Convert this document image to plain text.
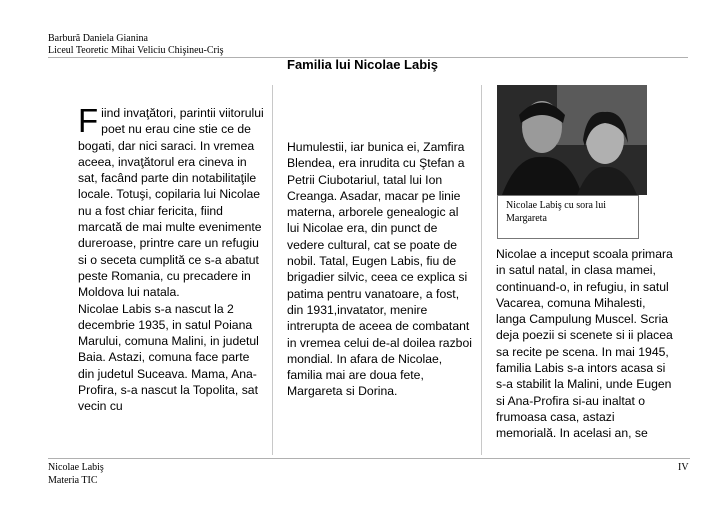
Barbură Daniela Gianina
Liceul Teoretic Mihai Veliciu Chişineu-Criş
Familia lui Nicolae Labiş

F iind invaţători, parintii viitorului poet nu erau cine stie ce de bogati, dar nici saraci. In vremea aceea, invaţătorul era cineva in sat, facând parte din notabilitaţile locale. Totuşi, copilaria lui Nicolae nu a fost chiar fericita, fiind marcată de mai multe evenimente dureroase, printre care un refugiu si o seceta cumplită ce s-a abatut peste Romania, cu precadere in Moldova lui natala.

Nicolae Labis s-a nascut la 2 decembrie 1935, in satul Poiana Marului, comuna Malini, in judetul Baia. Astazi, comuna face parte din judetul Suceava. Mama, Ana-Profira, s-a nascut la Topolita, sat vecin cu

Humulestii, iar bunica ei, Zamfira Blendea, era inrudita cu Ştefan a Petrii Ciubotariul, tatal lui Ion Creanga. Asadar, macar pe linie materna, arborele genealogic al lui Nicolae era, din punct de vedere cultural, cat se poate de nobil. Tatal, Eugen Labis, fiu de brigadier silvic, ceea ce explica si patima pentru vanatoare, a fost, din 1931,invatator, menire intrerupta de aceea de combatant in vremea celui de-al doilea razboi mondial. In afara de Nicolae, familia mai are doua fete, Margareta si Dorina.

Nicolae Labiş cu sora lui Margareta

Nicolae a inceput scoala primara in satul natal, in clasa mamei, continuand-o, in refugiu, in satul Vacarea, comuna Mihalesti, langa Campulung Muscel. Scria deja poezii si scenete si ii placea sa recite pe scena. In mai 1945, familia Labis s-a intors acasa si s-a stabilit la Malini, unde Eugen si Ana-Profira si-au inaltat o frumoasa casa, astazi memorială. In acelasi an, se

Nicolae Labiş
Materia TIC
IV
